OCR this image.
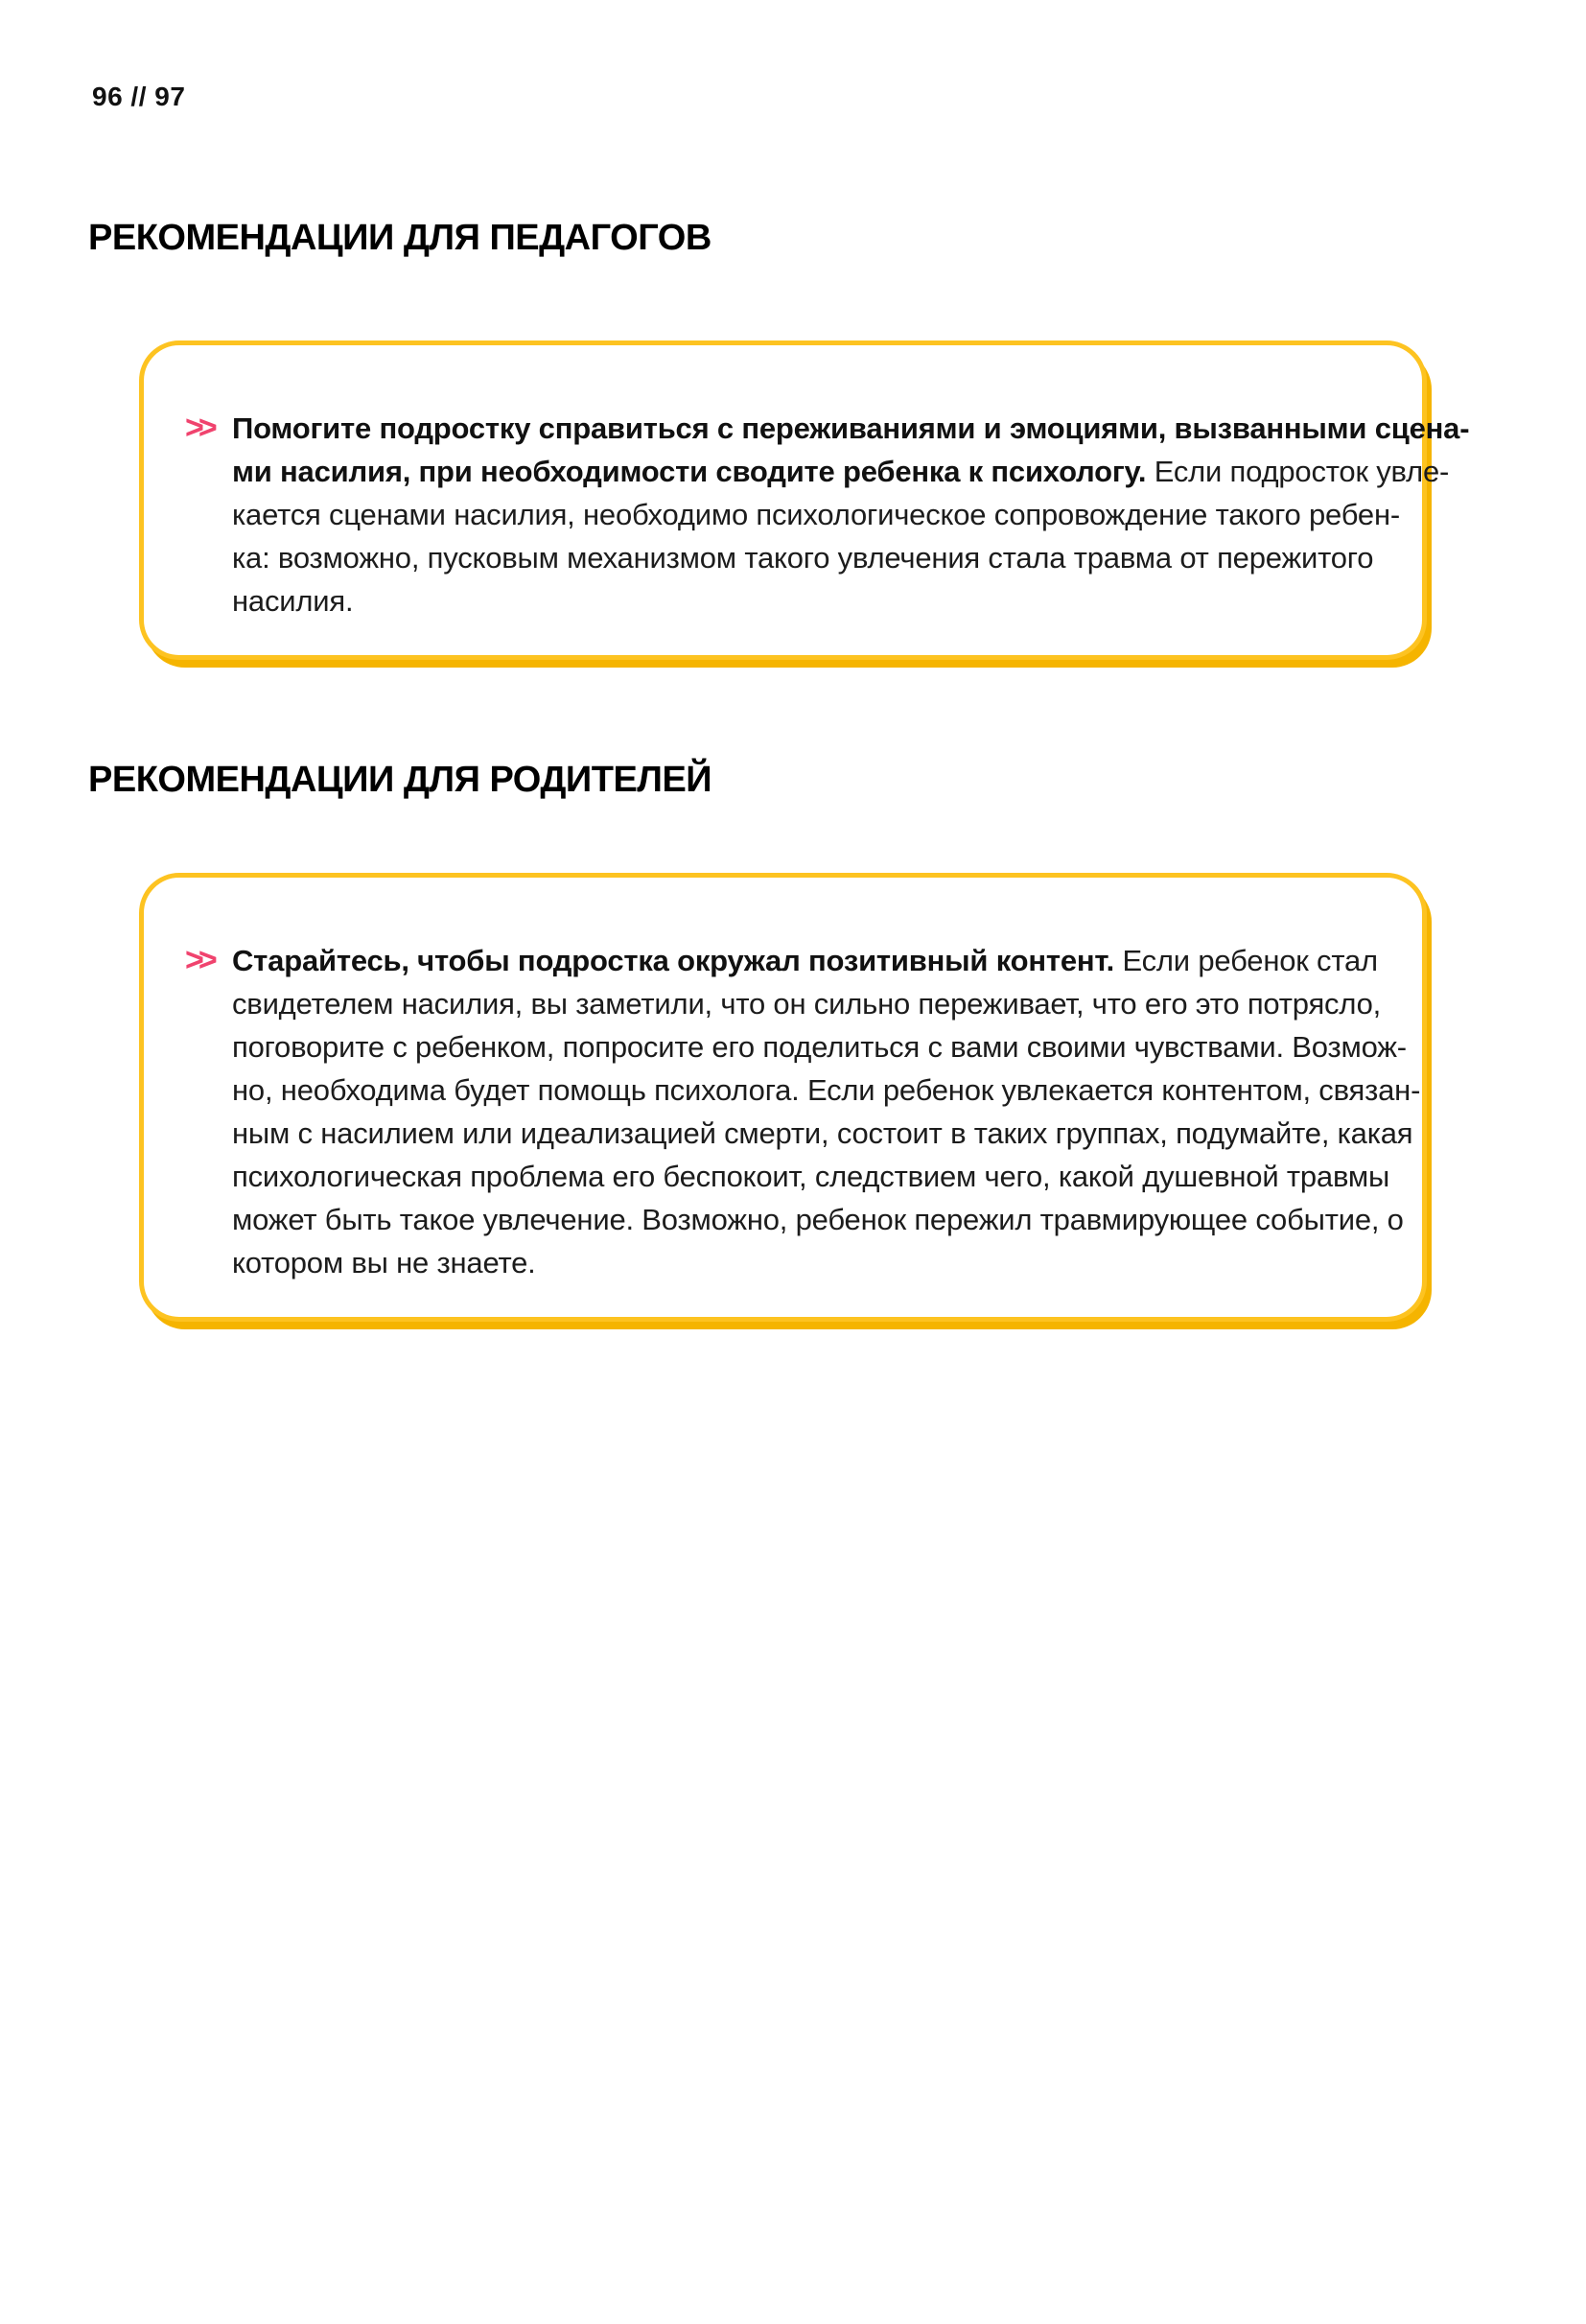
96 // 97
РЕКОМЕНДАЦИИ ДЛЯ ПЕДАГОГОВ
>> Помогите подростку справиться с переживаниями и эмоциями, вызванными сцена-
ми насилия, при необходимости сводите ребенка к психологу. Если подросток увле-
кается сценами насилия, необходимо психологическое сопровождение такого ребен-
ка: возможно, пусковым механизмом такого увлечения стала травма от пережитого
насилия.
РЕКОМЕНДАЦИИ ДЛЯ РОДИТЕЛЕЙ
>> Старайтесь, чтобы подростка окружал позитивный контент. Если ребенок стал
свидетелем насилия, вы заметили, что он сильно переживает, что его это потрясло,
поговорите с ребенком, попросите его поделиться с вами своими чувствами. Возмож-
но, необходима будет помощь психолога. Если ребенок увлекается контентом, связан-
ным с насилием или идеализацией смерти, состоит в таких группах, подумайте, какая
психологическая проблема его беспокоит, следствием чего, какой душевной травмы
может быть такое увлечение. Возможно, ребенок пережил травмирующее событие, о
котором вы не знаете.
